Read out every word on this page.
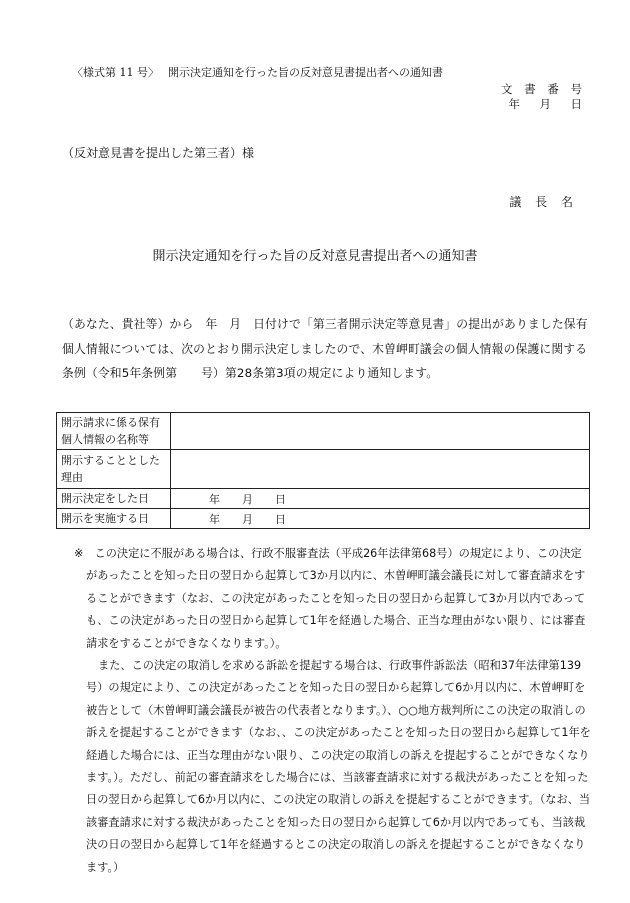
〈様式第 11 号〉　 開示決定通知を行った旨の反対意見書提出者への通知書
文 書 番 号
年　月　日
（反対意見書を提出した第三者）様
議 長 名
開示決定通知を行った旨の反対意見書提出者への通知書
（あなた、貴社等）から　年　月　日付けで「第三者開示決定等意見書」の提出がありました保有個人情報については、次のとおり開示決定しましたので、木曽岬町議会の個人情報の保護に関する条例（令和5年条例第　　号）第28条第3項の規定により通知します。
開示請求に係る保有個人情報の名称等	
開示することとした理由	
開示決定をした日	年　　月　　日
開示を実施する日	年　　月　　日

※　この決定に不服がある場合は、行政不服審査法（平成26年法律第68号）の規定により、この決定があったことを知った日の翌日から起算して3か月以内に、木曽岬町議会議長に対して審査請求をすることができます（なお、この決定があったことを知った日の翌日から起算して3か月以内であっても、この決定があった日の翌日から起算して1年を経過した場合、正当な理由がない限り、には審査請求をすることができなくなります。）。

また、この決定の取消しを求める訴訟を提起する場合は、行政事件訴訟法（昭和37年法律第139号）の規定により、この決定があったことを知った日の翌日から起算して6か月以内に、木曽岬町を被告として（木曽岬町議会議長が被告の代表者となります。）、○○地方裁判所にこの決定の取消しの訴えを提起することができます（なお、、この決定があったことを知った日の翌日から起算して1年を経過した場合には、正当な理由がない限り、この決定の取消しの訴えを提起することができなくなります。）。ただし、前記の審査請求をした場合には、当該審査請求に対する裁決があったことを知った日の翌日から起算して6か月以内に、この決定の取消しの訴えを提起することができます。（なお、当該審査請求に対する裁決があったことを知った日の翌日から起算して6か月以内であっても、当該裁決の日の翌日から起算して1年を経過するとこの決定の取消しの訴えを提起することができなくなります。）
